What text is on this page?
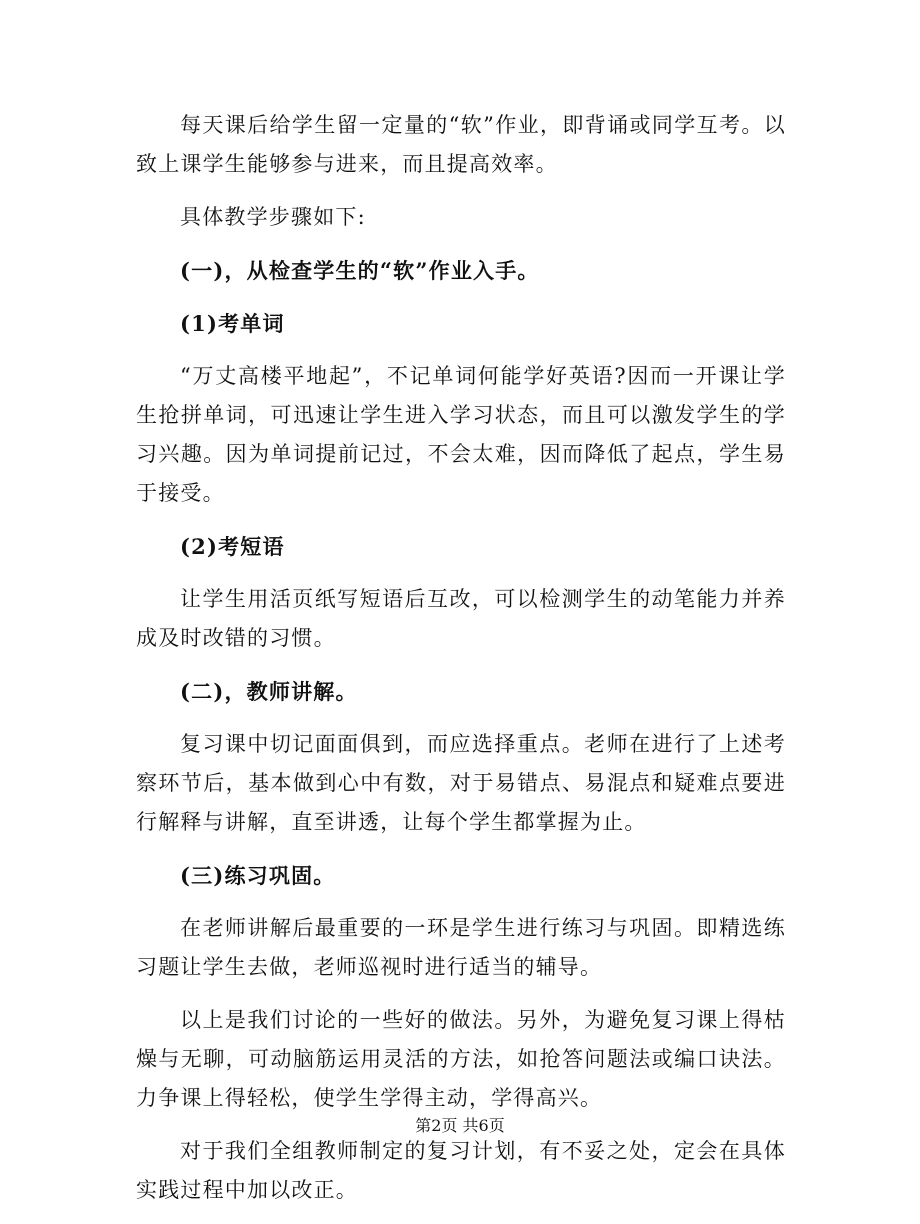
每天课后给学生留一定量的“软”作业，即背诵或同学互考。以致上课学生能够参与进来，而且提高效率。

具体教学步骤如下:

(一)，从检查学生的“软”作业入手。

(1)考单词

“万丈高楼平地起”，不记单词何能学好英语?因而一开课让学生抢拼单词，可迅速让学生进入学习状态，而且可以激发学生的学习兴趣。因为单词提前记过，不会太难，因而降低了起点，学生易于接受。

(2)考短语

让学生用活页纸写短语后互改，可以检测学生的动笔能力并养成及时改错的习惯。

(二)，教师讲解。

复习课中切记面面俱到，而应选择重点。老师在进行了上述考察环节后，基本做到心中有数，对于易错点、易混点和疑难点要进行解释与讲解，直至讲透，让每个学生都掌握为止。

(三)练习巩固。

在老师讲解后最重要的一环是学生进行练习与巩固。即精选练习题让学生去做，老师巡视时进行适当的辅导。

以上是我们讨论的一些好的做法。另外，为避免复习课上得枯燥与无聊，可动脑筋运用灵活的方法，如抢答问题法或编口诀法。力争课上得轻松，使学生学得主动，学得高兴。

对于我们全组教师制定的复习计划，有不妥之处，定会在具体实践过程中加以改正。

第2页 共6页
